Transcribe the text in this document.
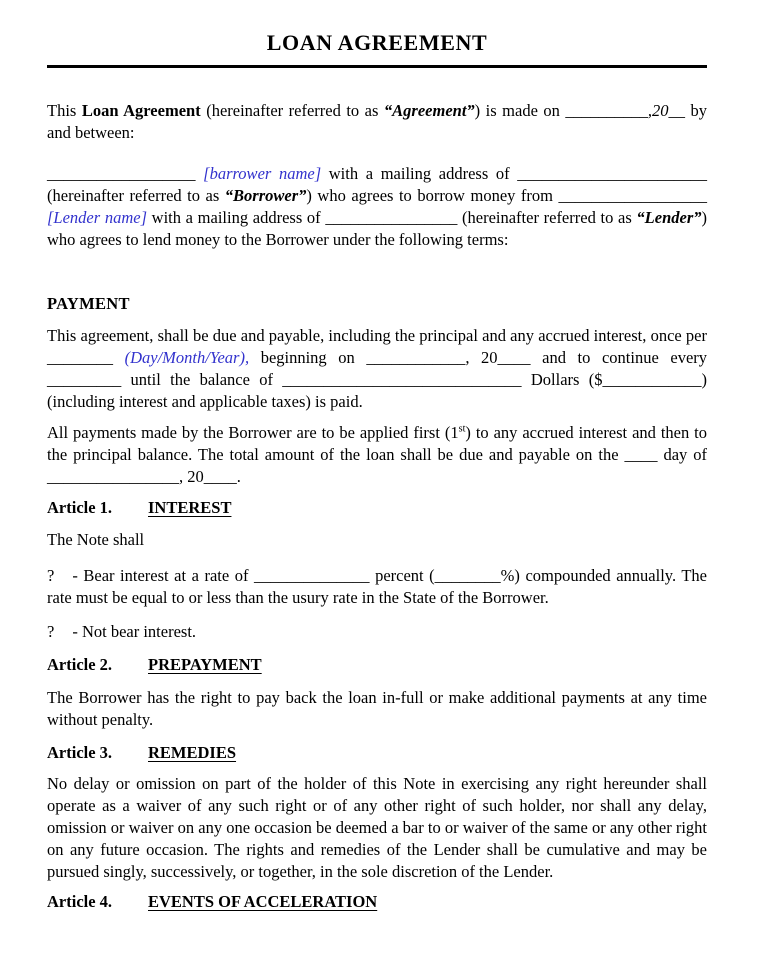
LOAN AGREEMENT

This Loan Agreement (hereinafter referred to as “Agreement”) is made on __________,20__ by and between:

__________________ [barrower name] with a mailing address of _______________________ (hereinafter referred to as “Borrower”) who agrees to borrow money from __________________ [Lender name] with a mailing address of ________________ (hereinafter referred to as “Lender”) who agrees to lend money to the Borrower under the following terms:

PAYMENT

This agreement, shall be due and payable, including the principal and any accrued interest, once per ________ (Day/Month/Year), beginning on ____________, 20____ and to continue every _________ until the balance of _____________________________ Dollars ($____________) (including interest and applicable taxes) is paid.

All payments made by the Borrower are to be applied first (1st) to any accrued interest and then to the principal balance. The total amount of the loan shall be due and payable on the ____ day of ________________, 20____.

Article 1. INTEREST

The Note shall

? - Bear interest at a rate of ______________ percent (________%) compounded annually. The rate must be equal to or less than the usury rate in the State of the Borrower.

? - Not bear interest.

Article 2. PREPAYMENT

The Borrower has the right to pay back the loan in-full or make additional payments at any time without penalty.

Article 3. REMEDIES

No delay or omission on part of the holder of this Note in exercising any right hereunder shall operate as a waiver of any such right or of any other right of such holder, nor shall any delay, omission or waiver on any one occasion be deemed a bar to or waiver of the same or any other right on any future occasion. The rights and remedies of the Lender shall be cumulative and may be pursued singly, successively, or together, in the sole discretion of the Lender.

Article 4. EVENTS OF ACCELERATION
